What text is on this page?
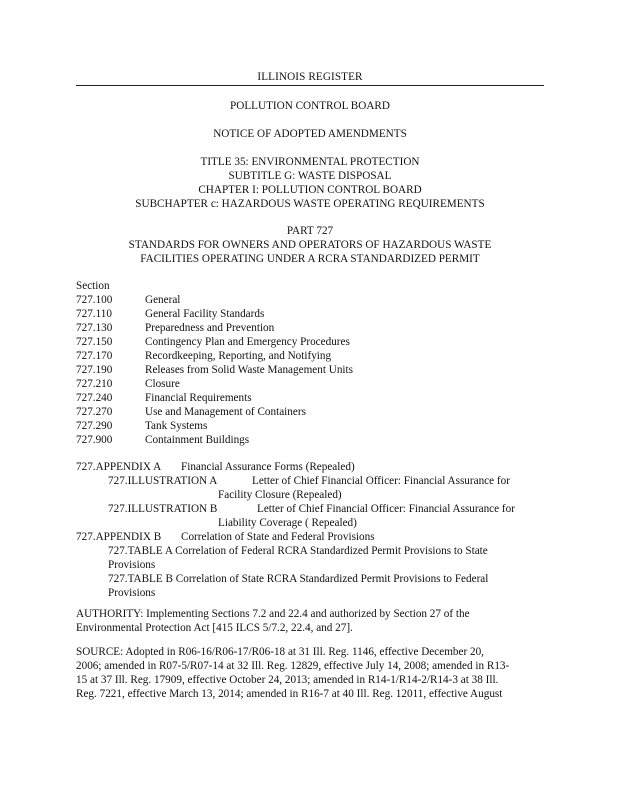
ILLINOIS REGISTER
POLLUTION CONTROL BOARD
NOTICE OF ADOPTED AMENDMENTS
TITLE 35: ENVIRONMENTAL PROTECTION
SUBTITLE G: WASTE DISPOSAL
CHAPTER I: POLLUTION CONTROL BOARD
SUBCHAPTER c: HAZARDOUS WASTE OPERATING REQUIREMENTS
PART 727
STANDARDS FOR OWNERS AND OPERATORS OF HAZARDOUS WASTE
FACILITIES OPERATING UNDER A RCRA STANDARDIZED PERMIT
Section
727.100	General
727.110	General Facility Standards
727.130	Preparedness and Prevention
727.150	Contingency Plan and Emergency Procedures
727.170	Recordkeeping, Reporting, and Notifying
727.190	Releases from Solid Waste Management Units
727.210	Closure
727.240	Financial Requirements
727.270	Use and Management of Containers
727.290	Tank Systems
727.900	Containment Buildings
727.APPENDIX A Financial Assurance Forms (Repealed)
727.ILLUSTRATION A	Letter of Chief Financial Officer: Financial Assurance for
Facility Closure (Repealed)
727.ILLUSTRATION B	Letter of Chief Financial Officer: Financial Assurance for
Liability Coverage ( Repealed)
727.APPENDIX B Correlation of State and Federal Provisions
727.TABLE A Correlation of Federal RCRA Standardized Permit Provisions to State
Provisions
727.TABLE B Correlation of State RCRA Standardized Permit Provisions to Federal
Provisions
AUTHORITY: Implementing Sections 7.2 and 22.4 and authorized by Section 27 of the
Environmental Protection Act [415 ILCS 5/7.2, 22.4, and 27].
SOURCE: Adopted in R06-16/R06-17/R06-18 at 31 Ill. Reg. 1146, effective December 20,
2006; amended in R07-5/R07-14 at 32 Ill. Reg. 12829, effective July 14, 2008; amended in R13-
15 at 37 Ill. Reg. 17909, effective October 24, 2013; amended in R14-1/R14-2/R14-3 at 38 Ill.
Reg. 7221, effective March 13, 2014; amended in R16-7 at 40 Ill. Reg. 12011, effective August
